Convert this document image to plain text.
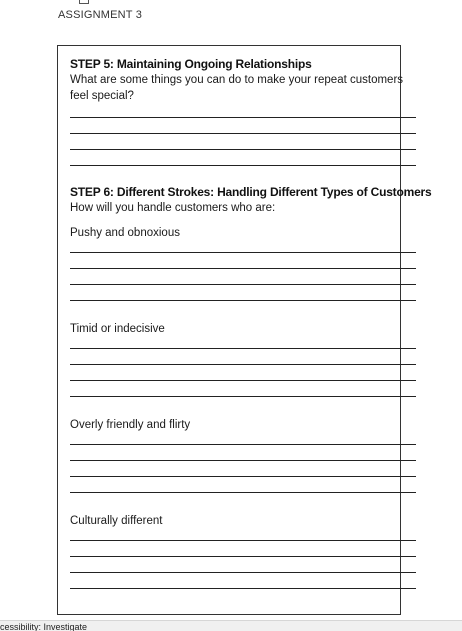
ASSIGNMENT 3
STEP 5: Maintaining Ongoing Relationships
What are some things you can do to make your repeat customers feel special?
STEP 6: Different Strokes: Handling Different Types of Customers
How will you handle customers who are:
Pushy and obnoxious
Timid or indecisive
Overly friendly and flirty
Culturally different
cessibility: Investigate
